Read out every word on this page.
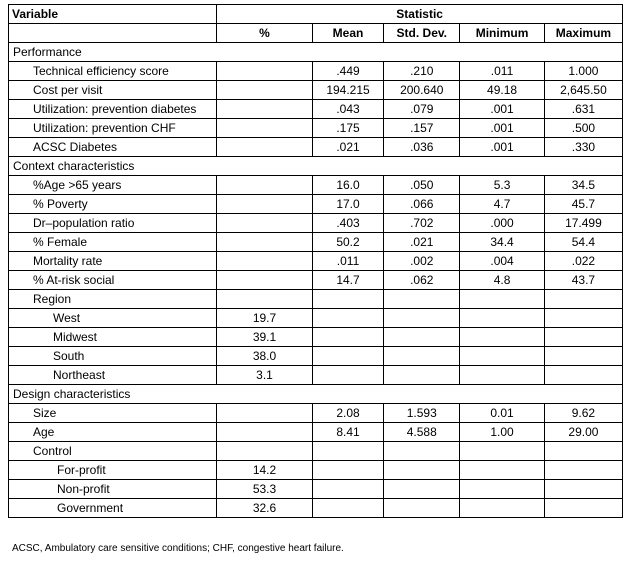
Variable	Statistic				
	%	Mean	Std. Dev.	Minimum	Maximum
Performance					
Technical efficiency score		.449	.210	.011	1.000
Cost per visit		194.215	200.640	49.18	2,645.50
Utilization: prevention diabetes		.043	.079	.001	.631
Utilization: prevention CHF		.175	.157	.001	.500
ACSC Diabetes		.021	.036	.001	.330
Context characteristics					
%Age >65 years		16.0	.050	5.3	34.5
% Poverty		17.0	.066	4.7	45.7
Dr–population ratio		.403	.702	.000	17.499
% Female		50.2	.021	34.4	54.4
Mortality rate		.011	.002	.004	.022
% At-risk social		14.7	.062	4.8	43.7
Region					
West	19.7				
Midwest	39.1				
South	38.0				
Northeast	3.1				
Design characteristics					
Size		2.08	1.593	0.01	9.62
Age		8.41	4.588	1.00	29.00
Control					
For-profit	14.2				
Non-profit	53.3				
Government	32.6				
ACSC, Ambulatory care sensitive conditions; CHF, congestive heart failure.
